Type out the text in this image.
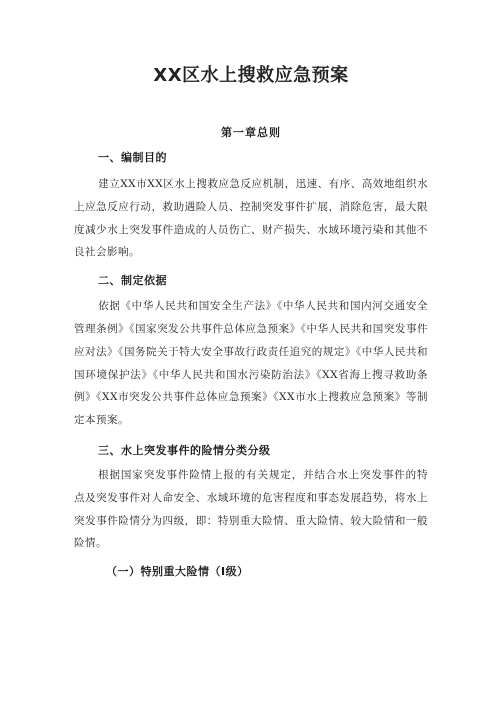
XX区水上搜救应急预案
第一章总则
一、编制目的

建立XX市XX区水上搜救应急反应机制，迅速、有序、高效地组织水上应急反应行动，救助遇险人员、控制突发事件扩展，消除危害，最大限度减少水上突发事件造成的人员伤亡、财产损失、水域环境污染和其他不良社会影响。

二、制定依据

依据《中华人民共和国安全生产法》《中华人民共和国内河交通安全管理条例》《国家突发公共事件总体应急预案》《中华人民共和国突发事件应对法》《国务院关于特大安全事故行政责任追究的规定》《中华人民共和国环境保护法》《中华人民共和国水污染防治法》《XX省海上搜寻救助条例》《XX市突发公共事件总体应急预案》《XX市水上搜救应急预案》等制定本预案。

三、水上突发事件的险情分类分级

根据国家突发事件险情上报的有关规定，并结合水上突发事件的特点及突发事件对人命安全、水域环境的危害程度和事态发展趋势，将水上突发事件险情分为四级，即：特别重大险情、重大险情、较大险情和一般险情。

（一）特别重大险情（Ⅰ级）
